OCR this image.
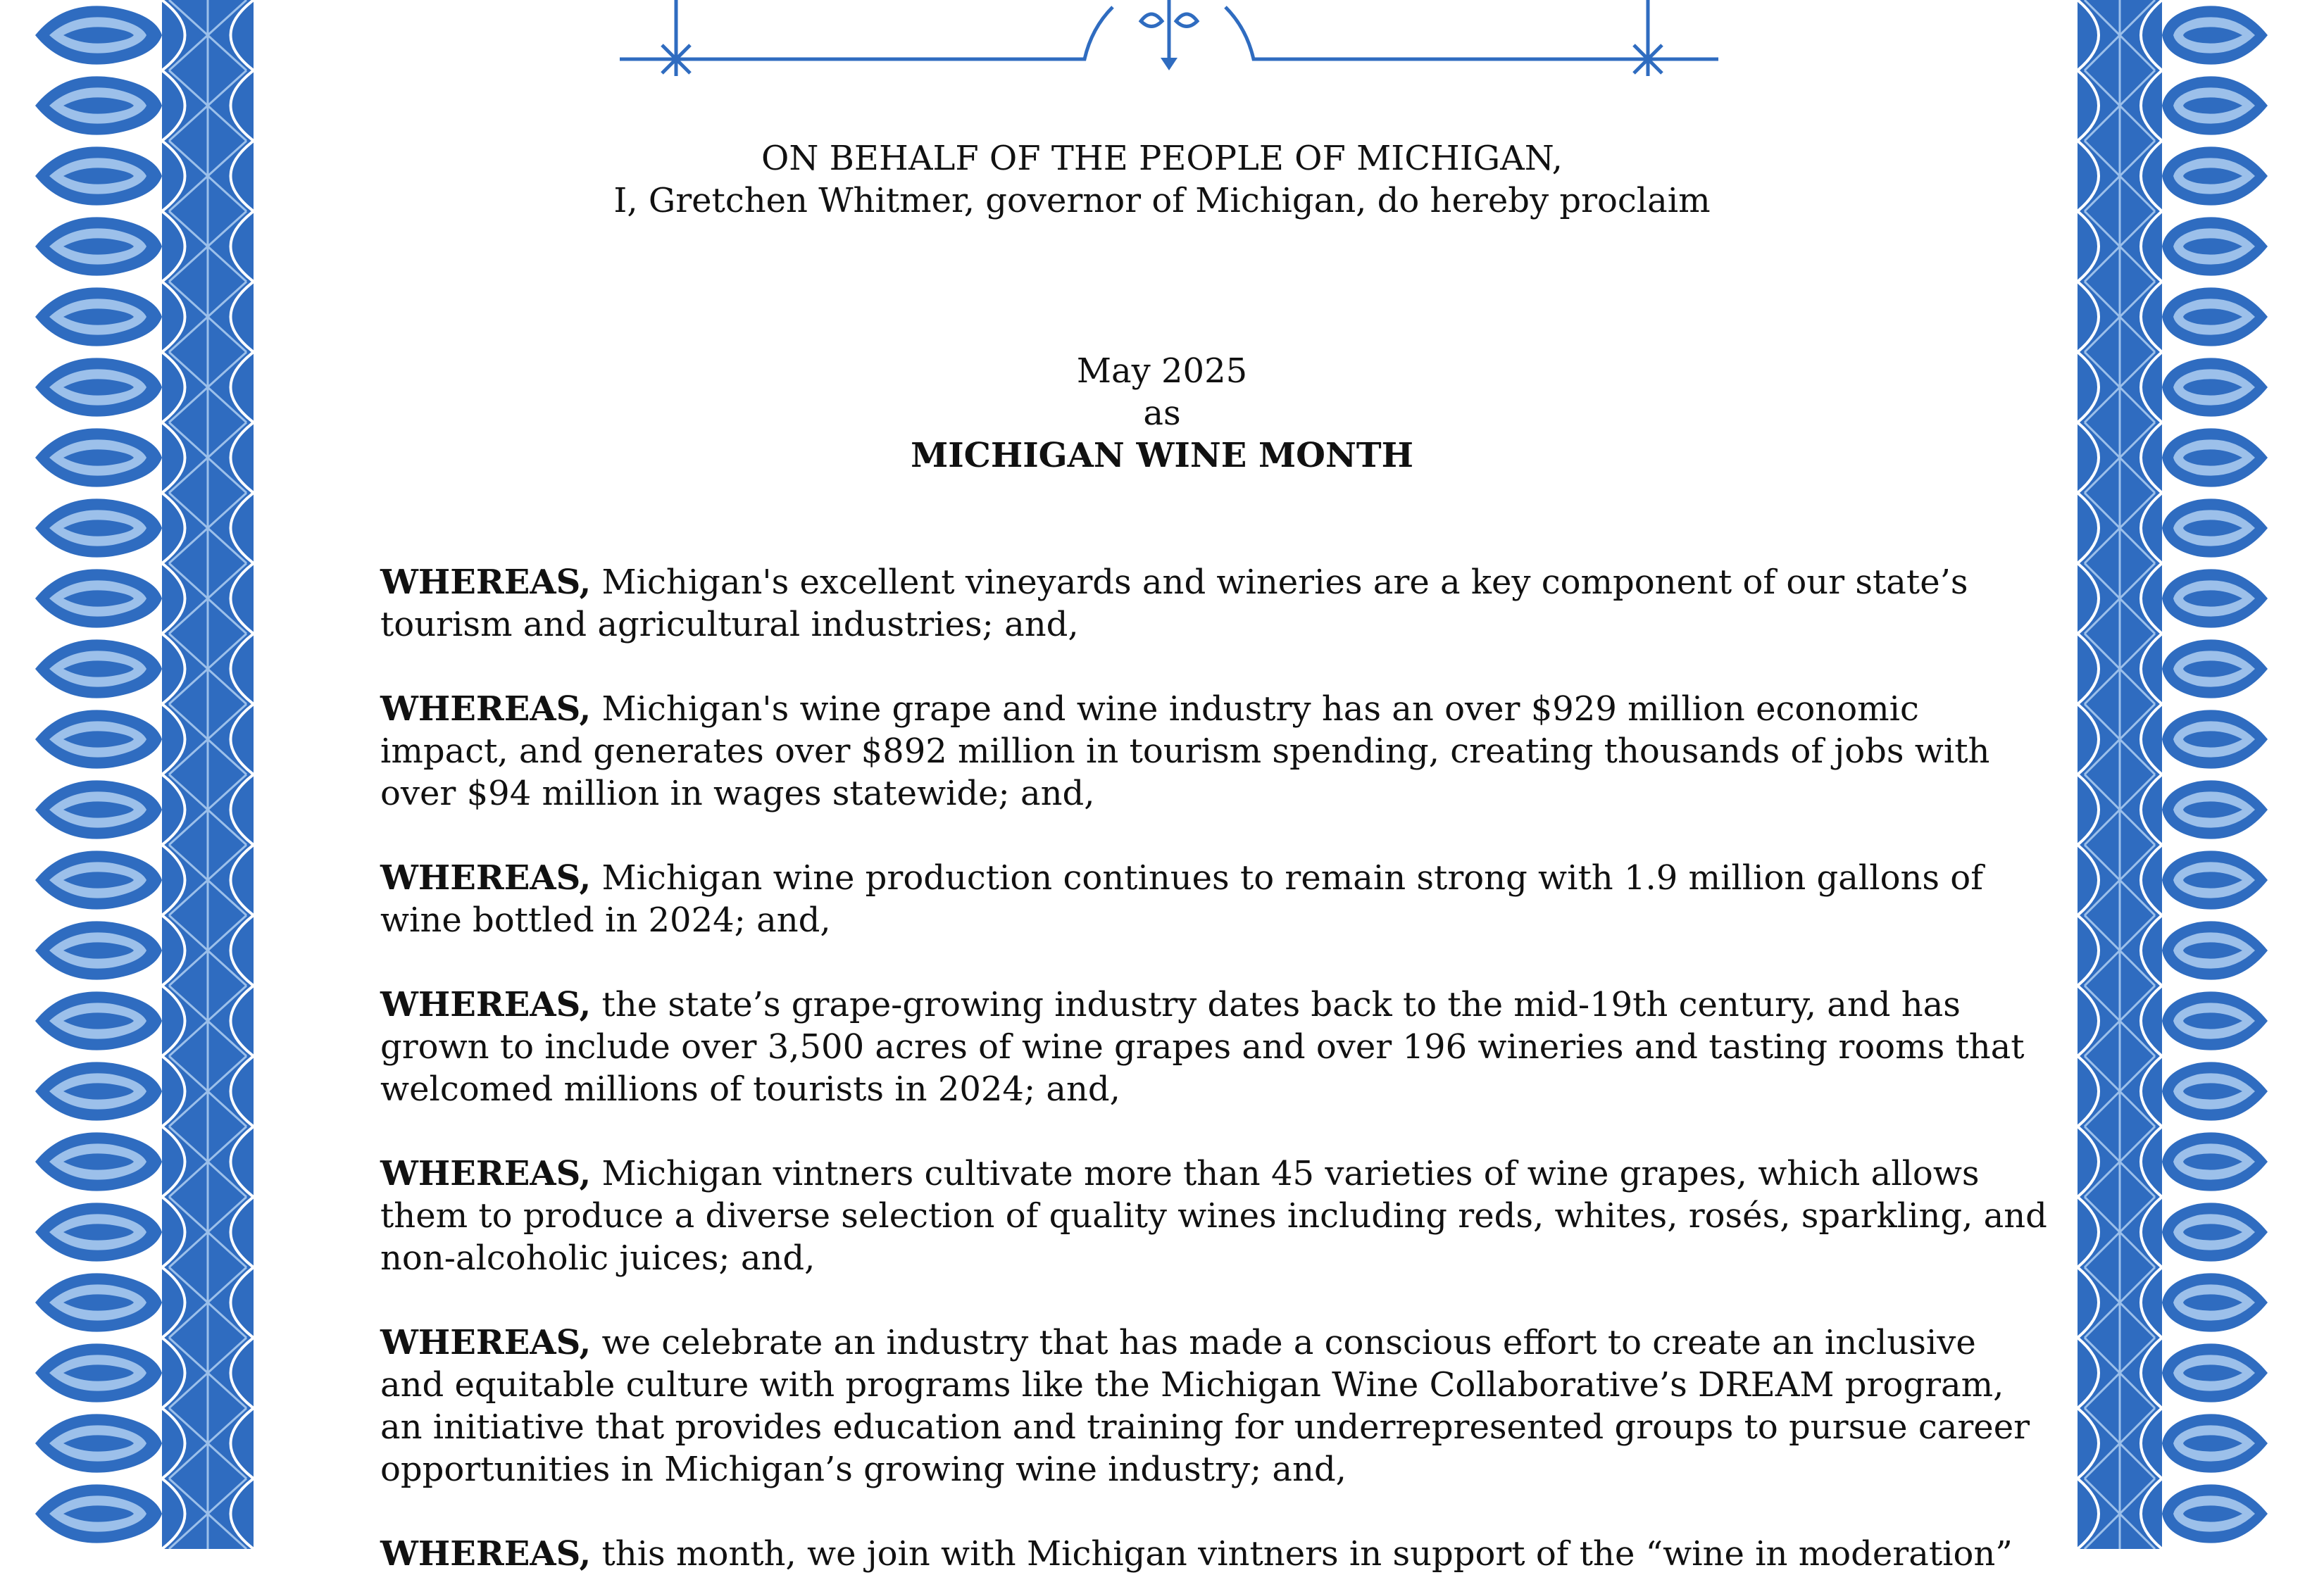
ON BEHALF OF THE PEOPLE OF MICHIGAN,
I, Gretchen Whitmer, governor of Michigan, do hereby proclaim
May 2025
as
MICHIGAN WINE MONTH
WHEREAS, Michigan's excellent vineyards and wineries are a key component of our state’s
tourism and agricultural industries; and,
WHEREAS, Michigan's wine grape and wine industry has an over $929 million economic
impact, and generates over $892 million in tourism spending, creating thousands of jobs with
over $94 million in wages statewide; and,
WHEREAS, Michigan wine production continues to remain strong with 1.9 million gallons of
wine bottled in 2024; and,
WHEREAS, the state’s grape-growing industry dates back to the mid-19th century, and has
grown to include over 3,500 acres of wine grapes and over 196 wineries and tasting rooms that
welcomed millions of tourists in 2024; and,
WHEREAS, Michigan vintners cultivate more than 45 varieties of wine grapes, which allows
them to produce a diverse selection of quality wines including reds, whites, rosés, sparkling, and
non-alcoholic juices; and,
WHEREAS, we celebrate an industry that has made a conscious effort to create an inclusive
and equitable culture with programs like the Michigan Wine Collaborative’s DREAM program,
an initiative that provides education and training for underrepresented groups to pursue career
opportunities in Michigan’s growing wine industry; and,
WHEREAS, this month, we join with Michigan vintners in support of the “wine in moderation”
